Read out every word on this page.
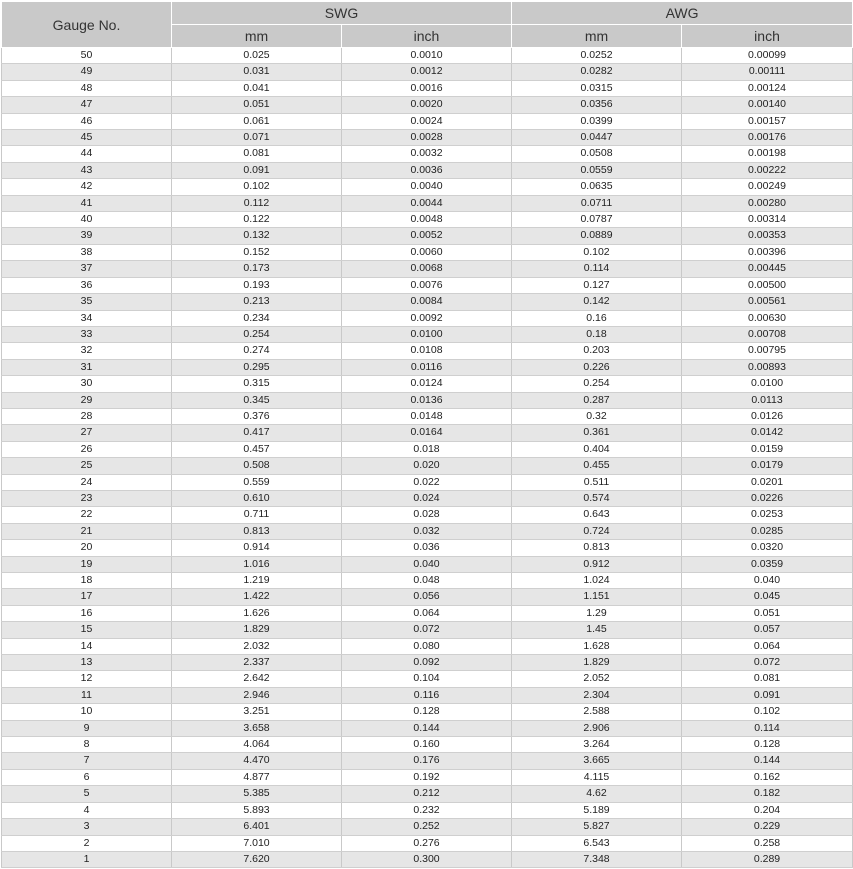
Gauge No.	SWG		AWG	
	mm	inch	mm	inch
50	0.025	0.0010	0.0252	0.00099
49	0.031	0.0012	0.0282	0.00111
48	0.041	0.0016	0.0315	0.00124
47	0.051	0.0020	0.0356	0.00140
46	0.061	0.0024	0.0399	0.00157
45	0.071	0.0028	0.0447	0.00176
44	0.081	0.0032	0.0508	0.00198
43	0.091	0.0036	0.0559	0.00222
42	0.102	0.0040	0.0635	0.00249
41	0.112	0.0044	0.0711	0.00280
40	0.122	0.0048	0.0787	0.00314
39	0.132	0.0052	0.0889	0.00353
38	0.152	0.0060	0.102	0.00396
37	0.173	0.0068	0.114	0.00445
36	0.193	0.0076	0.127	0.00500
35	0.213	0.0084	0.142	0.00561
34	0.234	0.0092	0.16	0.00630
33	0.254	0.0100	0.18	0.00708
32	0.274	0.0108	0.203	0.00795
31	0.295	0.0116	0.226	0.00893
30	0.315	0.0124	0.254	0.0100
29	0.345	0.0136	0.287	0.0113
28	0.376	0.0148	0.32	0.0126
27	0.417	0.0164	0.361	0.0142
26	0.457	0.018	0.404	0.0159
25	0.508	0.020	0.455	0.0179
24	0.559	0.022	0.511	0.0201
23	0.610	0.024	0.574	0.0226
22	0.711	0.028	0.643	0.0253
21	0.813	0.032	0.724	0.0285
20	0.914	0.036	0.813	0.0320
19	1.016	0.040	0.912	0.0359
18	1.219	0.048	1.024	0.040
17	1.422	0.056	1.151	0.045
16	1.626	0.064	1.29	0.051
15	1.829	0.072	1.45	0.057
14	2.032	0.080	1.628	0.064
13	2.337	0.092	1.829	0.072
12	2.642	0.104	2.052	0.081
11	2.946	0.116	2.304	0.091
10	3.251	0.128	2.588	0.102
9	3.658	0.144	2.906	0.114
8	4.064	0.160	3.264	0.128
7	4.470	0.176	3.665	0.144
6	4.877	0.192	4.115	0.162
5	5.385	0.212	4.62	0.182
4	5.893	0.232	5.189	0.204
3	6.401	0.252	5.827	0.229
2	7.010	0.276	6.543	0.258
1	7.620	0.300	7.348	0.289
